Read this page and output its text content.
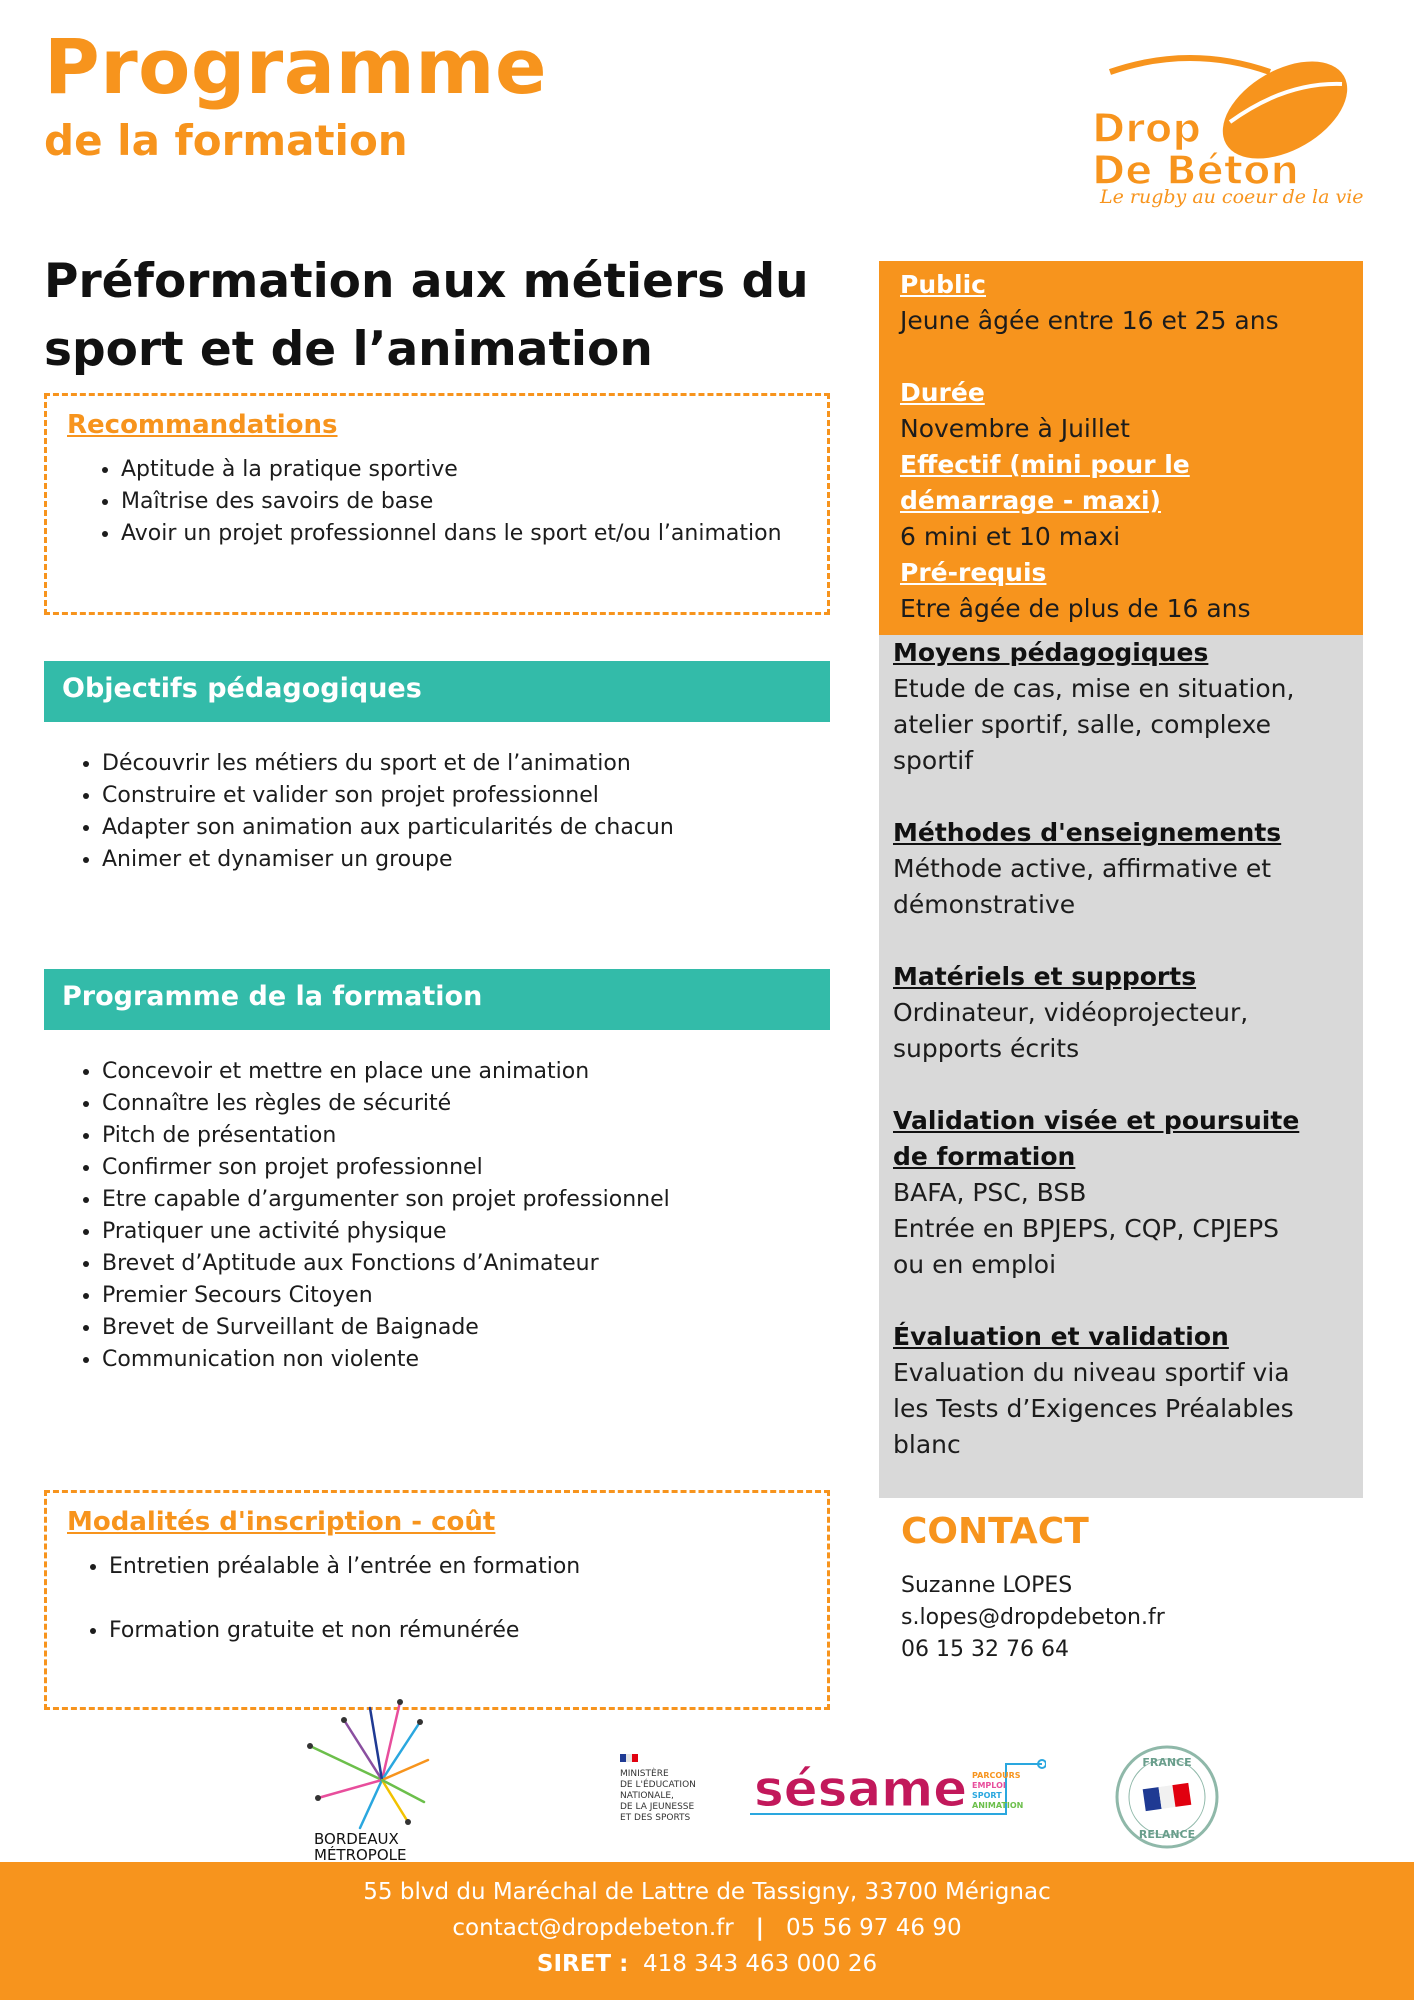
Programme
de la formation	Drop
De Béton
Le rugby au coeur de la vie
Préformation aux métiers du
sport et de l’animation
Recommandations
• Aptitude à la pratique sportive
• Maîtrise des savoirs de base
• Avoir un projet professionnel dans le sport et/ou l’animation
Objectifs pédagogiques
• Découvrir les métiers du sport et de l’animation
• Construire et valider son projet professionnel
• Adapter son animation aux particularités de chacun
• Animer et dynamiser un groupe
Programme de la formation
• Concevoir et mettre en place une animation
• Connaître les règles de sécurité
• Pitch de présentation
• Confirmer son projet professionnel
• Etre capable d’argumenter son projet professionnel
• Pratiquer une activité physique
• Brevet d’Aptitude aux Fonctions d’Animateur
• Premier Secours Citoyen
• Brevet de Surveillant de Baignade
• Communication non violente
Modalités d'inscription - coût
• Entretien préalable à l’entrée en formation
• Formation gratuite et non rémunérée
Public
Jeune âgée entre 16 et 25 ans
Durée
Novembre à Juillet
Effectif (mini pour le
démarrage - maxi)
6 mini et 10 maxi
Pré-requis
Etre âgée de plus de 16 ans
Moyens pédagogiques
Etude de cas, mise en situation,
atelier sportif, salle, complexe
sportif
Méthodes d'enseignements
Méthode active, affirmative et
démonstrative
Matériels et supports
Ordinateur, vidéoprojecteur,
supports écrits
Validation visée et poursuite
de formation
BAFA, PSC, BSB
Entrée en BPJEPS, CQP, CPJEPS
ou en emploi
Évaluation et validation
Evaluation du niveau sportif via
les Tests d’Exigences Préalables
blanc
CONTACT
Suzanne LOPES
s.lopes@dropdebeton.fr
06 15 32 76 64
BORDEAUX
MÉTROPOLE
MINISTÈRE
DE L'ÉDUCATION
NATIONALE,
DE LA JEUNESSE
ET DES SPORTS sésame PARCOURS
EMPLOI
SPORT
ANIMATION
FRANCE
RELANCE
55 blvd du Maréchal de Lattre de Tassigny, 33700 Mérignac
contact@dropdebeton.fr | 05 56 97 46 90
SIRET : 418 343 463 000 26
